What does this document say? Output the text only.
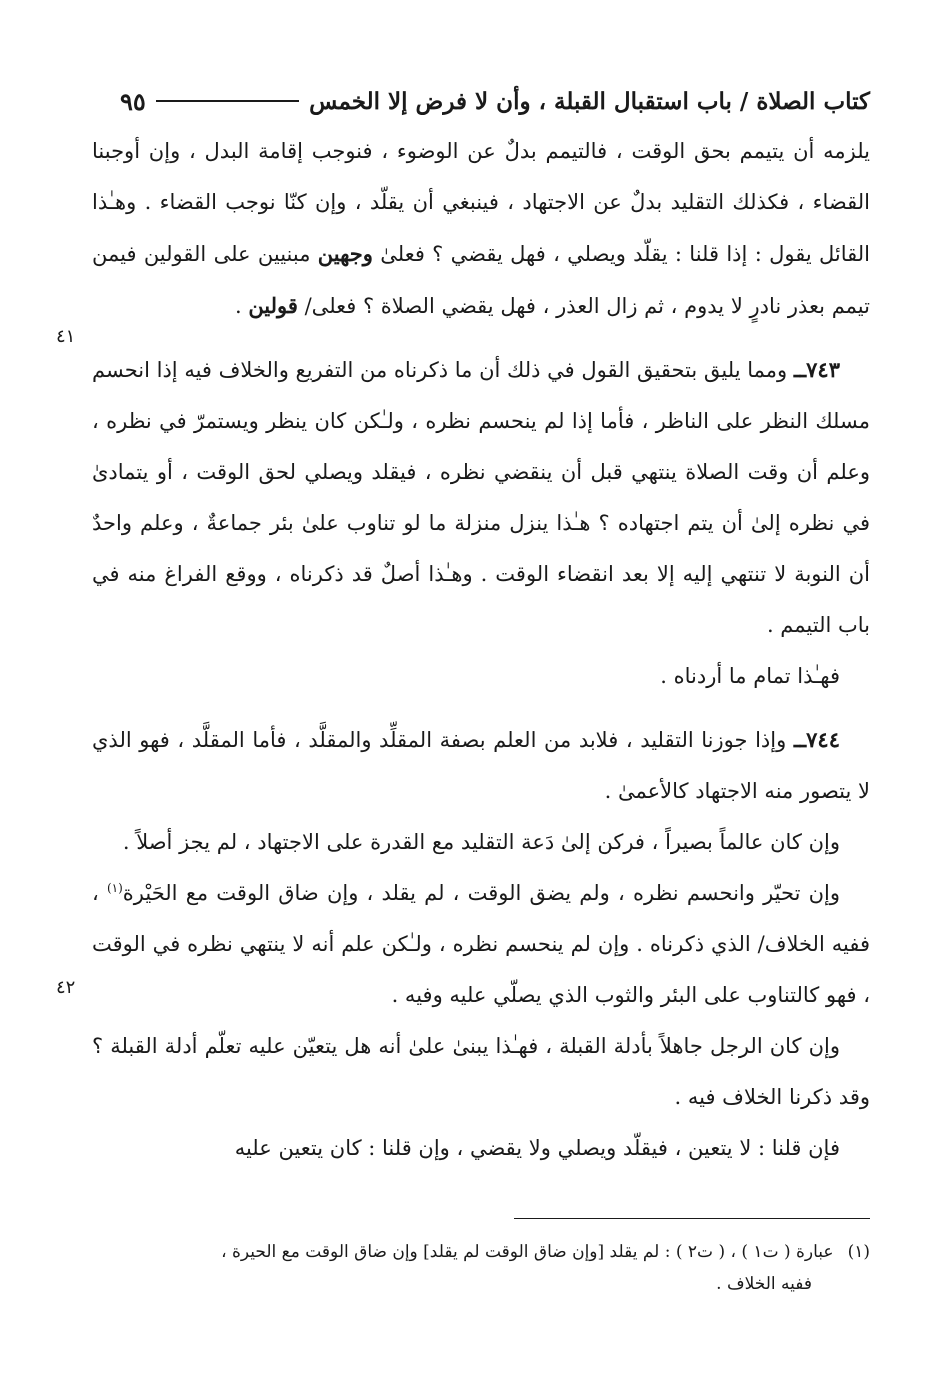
كتاب الصلاة / باب استقبال القبلة ، وأن لا فرض إلا الخمس
٩٥
٤١
٤٢

يلزمه أن يتيمم بحق الوقت ، فالتيمم بدلٌ عن الوضوء ، فنوجب إقامة البدل ، وإن أوجبنا القضاء ، فكذلك التقليد بدلٌ عن الاجتهاد ، فينبغي أن يقلّد ، وإن كنّا نوجب القضاء . وهـٰذا القائل يقول : إذا قلنا : يقلّد ويصلي ، فهل يقضي ؟ فعلىٰ وجهين مبنيين على القولين فيمن تيمم بعذر نادرٍ لا يدوم ، ثم زال العذر ، فهل يقضي الصلاة ؟ فعلى/ قولين .

٧٤٣ــ ومما يليق بتحقيق القول في ذلك أن ما ذكرناه من التفريع والخلاف فيه إذا انحسم مسلك النظر على الناظر ، فأما إذا لم ينحسم نظره ، ولـٰكن كان ينظر ويستمرّ في نظره ، وعلم أن وقت الصلاة ينتهي قبل أن ينقضي نظره ، فيقلد ويصلي لحق الوقت ، أو يتمادىٰ في نظره إلىٰ أن يتم اجتهاده ؟ هـٰذا ينزل منزلة ما لو تناوب علىٰ بئر جماعةٌ ، وعلم واحدٌ أن النوبة لا تنتهي إليه إلا بعد انقضاء الوقت . وهـٰذا أصلٌ قد ذكرناه ، ووقع الفراغ منه في باب التيمم .

فهـٰذا تمام ما أردناه .

٧٤٤ــ وإذا جوزنا التقليد ، فلابد من العلم بصفة المقلِّد والمقلَّد ، فأما المقلَّد ، فهو الذي لا يتصور منه الاجتهاد كالأعمىٰ .

وإن كان عالماً بصيراً ، فركن إلىٰ دَعة التقليد مع القدرة على الاجتهاد ، لم يجز أصلاً .

وإن تحيّر وانحسم نظره ، ولم يضق الوقت ، لم يقلد ، وإن ضاق الوقت مع الحَيْرة$^{(١)}$ ، ففيه الخلاف/ الذي ذكرناه . وإن لم ينحسم نظره ، ولـٰكن علم أنه لا ينتهي نظره في الوقت ، فهو كالتناوب على البئر والثوب الذي يصلّي عليه وفيه .

وإن كان الرجل جاهلاً بأدلة القبلة ، فهـٰذا يبنىٰ علىٰ أنه هل يتعيّن عليه تعلّم أدلة القبلة ؟ وقد ذكرنا الخلاف فيه .

فإن قلنا : لا يتعين ، فيقلّد ويصلي ولا يقضي ، وإن قلنا : كان يتعين عليه

(١)عبارة ( ت١ ) ، ( ت٢ ) : لم يقلد [وإن ضاق الوقت لم يقلد] وإن ضاق الوقت مع الحيرة ،
ففيه الخلاف .
